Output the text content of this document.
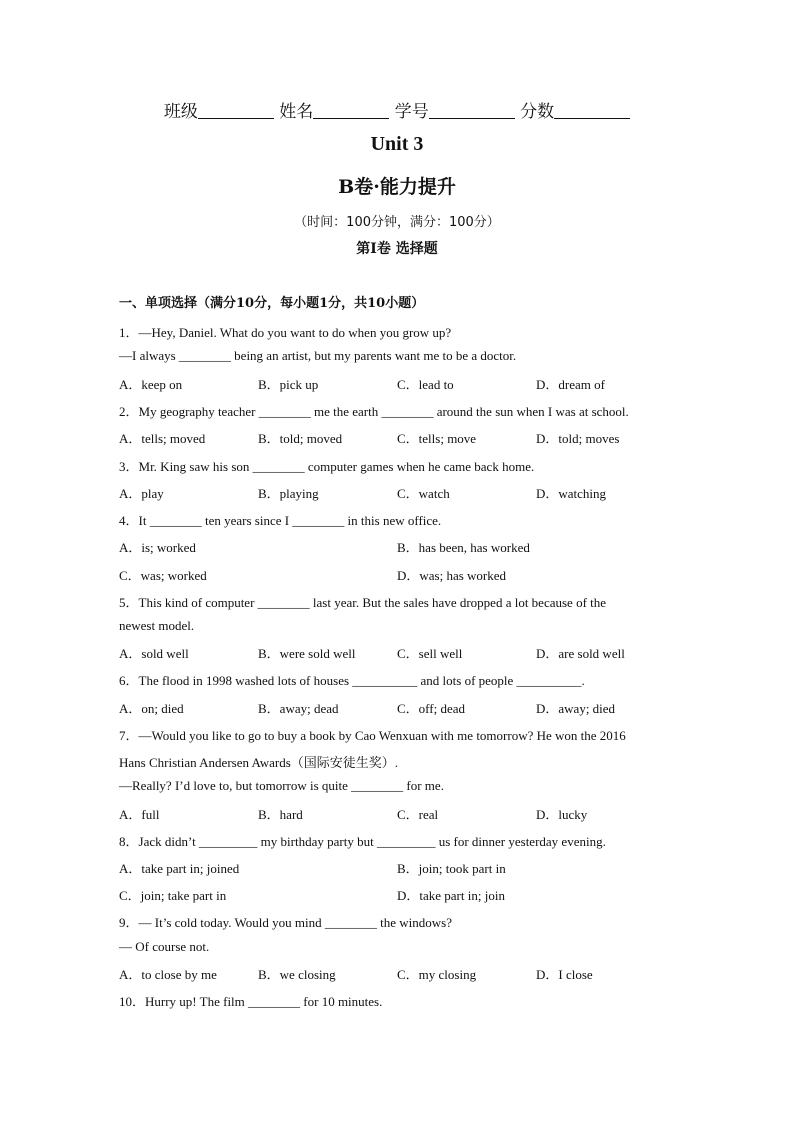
班级	姓名	学号	分数
Unit 3
B卷·能力提升
（时间：100分钟，满分：100分）
第I卷 选择题
一、单项选择（满分10分，每小题1分，共10小题）
1．—Hey, Daniel. What do you want to do when you grow up?
—I always ________ being an artist, but my parents want me to be a doctor.
A．keep on	B．pick up	C．lead to	D．dream of
2．My geography teacher ________ me the earth ________ around the sun when I was at school.
A．tells; moved	B．told; moved	C．tells; move	D．told; moves
3．Mr. King saw his son ________ computer games when he came back home.
A．play	B．playing	C．watch	D．watching
4．It ________ ten years since I ________ in this new office.
A．is; worked	B．has been, has worked
C．was; worked	D．was; has worked
5．This kind of computer ________ last year. But the sales have dropped a lot because of the
newest model.
A．sold well	B．were sold well	C．sell well	D．are sold well
6．The flood in 1998 washed lots of houses __________ and lots of people __________.
A．on; died	B．away; dead	C．off; dead	D．away; died
7．—Would you like to go to buy a book by Cao Wenxuan with me tomorrow? He won the 2016
Hans Christian Andersen Awards（国际安徒生奖）.
—Really? I’d love to, but tomorrow is quite ________ for me.
A．full	B．hard	C．real	D．lucky
8．Jack didn’t _________ my birthday party but _________ us for dinner yesterday evening.
A．take part in; joined	B．join; took part in
C．join; take part in	D．take part in; join
9．— It’s cold today. Would you mind ________ the windows?
— Of course not.
A．to close by me	B．we closing	C．my closing	D．I close
10．Hurry up! The film ________ for 10 minutes.
